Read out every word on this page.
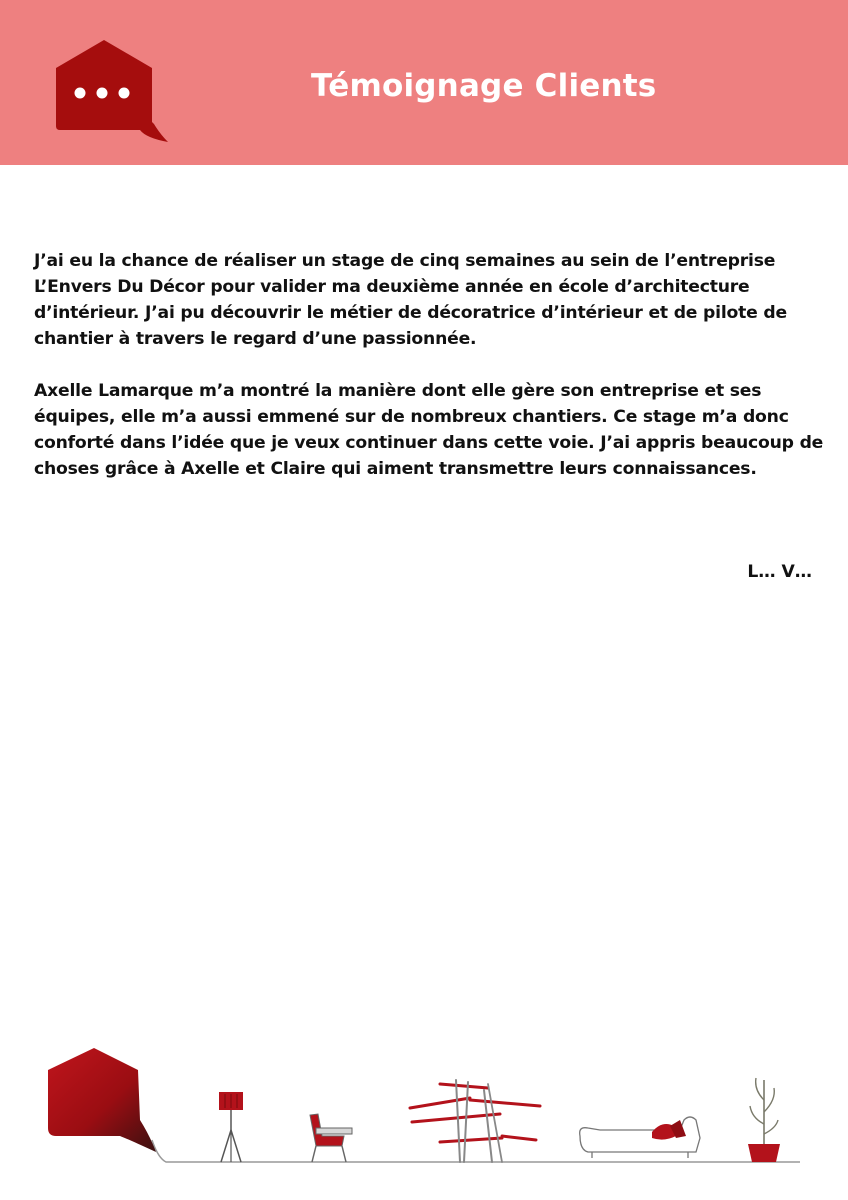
Témoignage Clients

J’ai eu la chance de réaliser un stage de cinq semaines au sein de l’entreprise L’Envers Du Décor pour valider ma deuxième année en école d’architecture d’intérieur. J’ai pu découvrir le métier de décoratrice d’intérieur et de pilote de chantier à travers le regard d’une passionnée.

Axelle Lamarque m’a montré la manière dont elle gère son entreprise et ses équipes, elle m’a aussi emmené sur de nombreux chantiers. Ce stage m’a donc conforté dans l’idée que je veux continuer dans cette voie. J’ai appris beaucoup de choses grâce à Axelle et Claire qui aiment transmettre leurs connaissances.

L… V…
